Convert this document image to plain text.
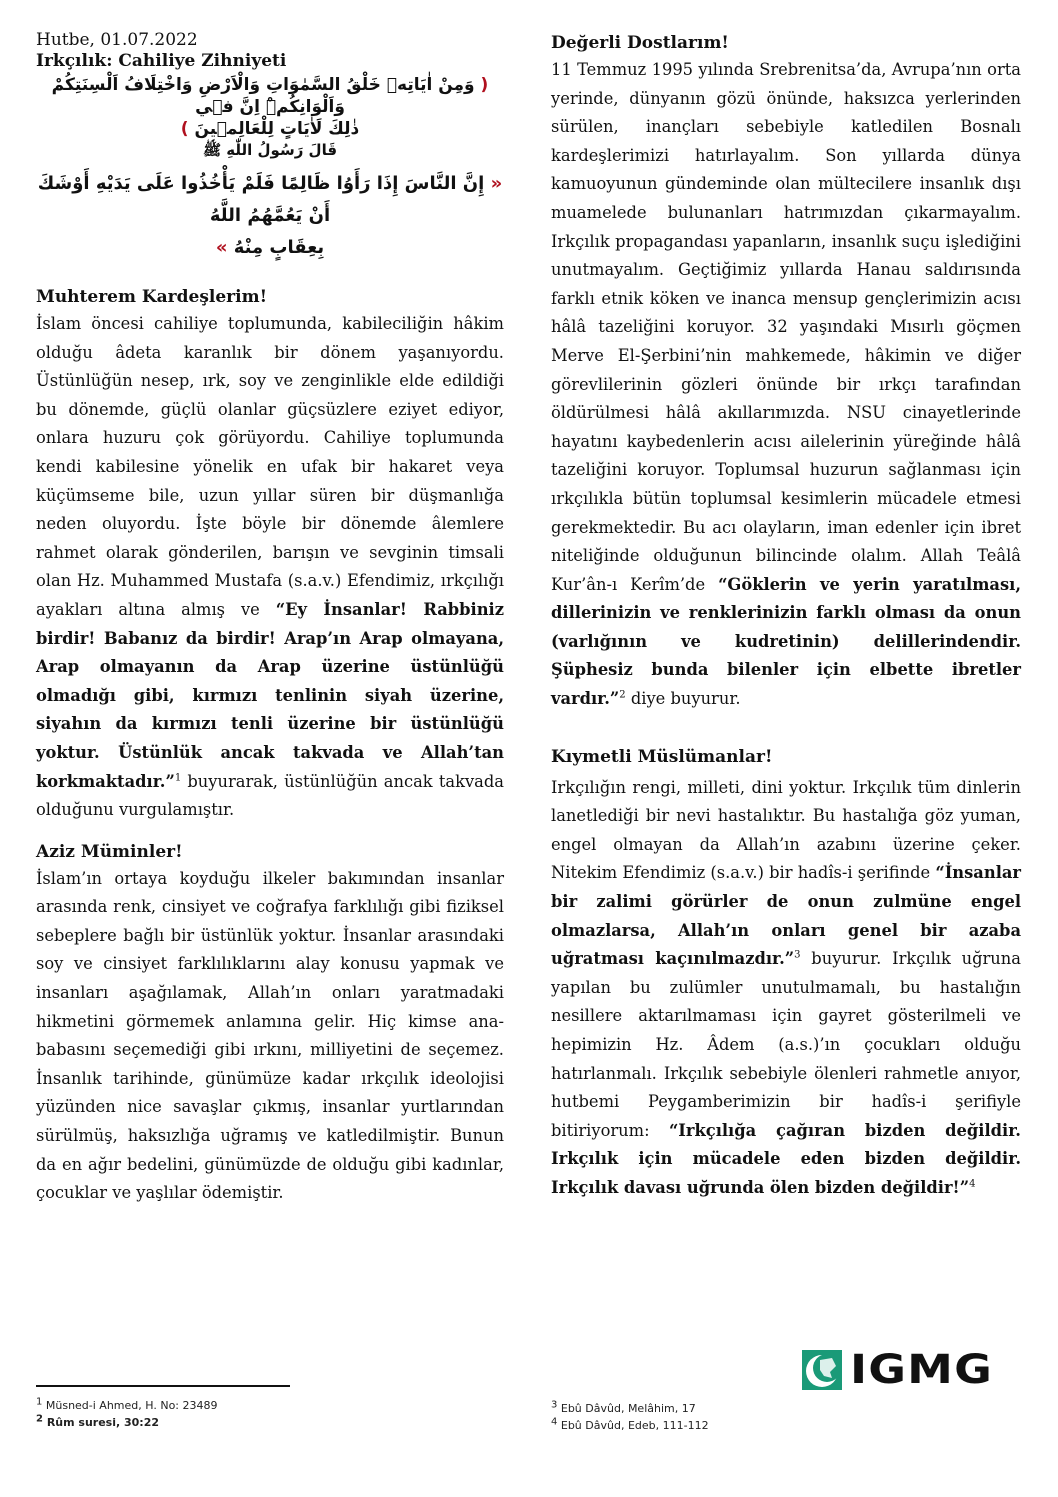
Hutbe, 01.07.2022
Irkçılık: Cahiliye Zihniyeti
( وَمِنْ اٰيَاتِه۪ خَلْقُ السَّمٰوَاتِ وَالْاَرْضِ وَاخْتِلَافُ اَلْسِنَتِكُمْ وَاَلْوَانِكُمْۜ اِنَّ ف۪ي
ذٰلِكَ لَاٰيَاتٍ لِلْعَالِم۪ينَ )
قَالَ رَسُولُ اللّٰهِ ﷺ
« إِنَّ النَّاسَ إِذَا رَأَوُا ظَالِمًا فَلَمْ يَأْخُذُوا عَلَى يَدَيْهِ أَوْشَكَ أَنْ يَعُمَّهُمُ اللَّهُ
بِعِقَابٍ مِنْهُ »
Muhterem Kardeşlerim!

İslam öncesi cahiliye toplumunda, kabileciliğin hâkim olduğu âdeta karanlık bir dönem yaşanıyordu. Üstünlüğün nesep, ırk, soy ve zenginlikle elde edildiği bu dönemde, güçlü olanlar güçsüzlere eziyet ediyor, onlara huzuru çok görüyordu. Cahiliye toplumunda kendi kabilesine yönelik en ufak bir hakaret veya küçümseme bile, uzun yıllar süren bir düşmanlığa neden oluyordu. İşte böyle bir dönemde âlemlere rahmet olarak gönderilen, barışın ve sevginin timsali olan Hz. Muhammed Mustafa (s.a.v.) Efendimiz, ırkçılığı ayakları altına almış ve “Ey İnsanlar! Rabbiniz birdir! Babanız da birdir! Arap’ın Arap olmayana, Arap olmayanın da Arap üzerine üstünlüğü olmadığı gibi, kırmızı tenlinin siyah üzerine, siyahın da kırmızı tenli üzerine bir üstünlüğü yoktur. Üstünlük ancak takvada ve Allah’tan korkmaktadır.”$^1$ buyurarak, üstünlüğün ancak takvada olduğunu vurgulamıştır.

Aziz Müminler!

İslam’ın ortaya koyduğu ilkeler bakımından insanlar arasında renk, cinsiyet ve coğrafya farklılığı gibi fiziksel sebeplere bağlı bir üstünlük yoktur. İnsanlar arasındaki soy ve cinsiyet farklılıklarını alay konusu yapmak ve insanları aşağılamak, Allah’ın onları yaratmadaki hikmetini görmemek anlamına gelir. Hiç kimse ana-babasını seçemediği gibi ırkını, milliyetini de seçemez. İnsanlık tarihinde, günümüze kadar ırkçılık ideolojisi yüzünden nice savaşlar çıkmış, insanlar yurtlarından sürülmüş, haksızlığa uğramış ve katledilmiştir. Bunun da en ağır bedelini, günümüzde de olduğu gibi kadınlar, çocuklar ve yaşlılar ödemiştir.

Değerli Dostlarım!

11 Temmuz 1995 yılında Srebrenitsa’da, Avrupa’nın orta yerinde, dünyanın gözü önünde, haksızca yerlerinden sürülen, inançları sebebiyle katledilen Bosnalı kardeşlerimizi hatırlayalım. Son yıllarda dünya kamuoyunun gündeminde olan mültecilere insanlık dışı muamelede bulunanları hatrımızdan çıkarmayalım. Irkçılık propagandası yapanların, insanlık suçu işlediğini unutmayalım. Geçtiğimiz yıllarda Hanau saldırısında farklı etnik köken ve inanca mensup gençlerimizin acısı hâlâ tazeliğini koruyor. 32 yaşındaki Mısırlı göçmen Merve El-Şerbini’nin mahkemede, hâkimin ve diğer görevlilerinin gözleri önünde bir ırkçı tarafından öldürülmesi hâlâ akıllarımızda. NSU cinayetlerinde hayatını kaybedenlerin acısı ailelerinin yüreğinde hâlâ tazeliğini koruyor. Toplumsal huzurun sağlanması için ırkçılıkla bütün toplumsal kesimlerin mücadele etmesi gerekmektedir. Bu acı olayların, iman edenler için ibret niteliğinde olduğunun bilincinde olalım. Allah Teâlâ Kur’ân-ı Kerîm’de “Göklerin ve yerin yaratılması, dillerinizin ve renklerinizin farklı olması da onun (varlığının ve kudretinin) delillerindendir. Şüphesiz bunda bilenler için elbette ibretler vardır.”$^2$ diye buyurur.

Kıymetli Müslümanlar!

Irkçılığın rengi, milleti, dini yoktur. Irkçılık tüm dinlerin lanetlediği bir nevi hastalıktır. Bu hastalığa göz yuman, engel olmayan da Allah’ın azabını üzerine çeker. Nitekim Efendimiz (s.a.v.) bir hadîs-i şerifinde “İnsanlar bir zalimi görürler de onun zulmüne engel olmazlarsa, Allah’ın onları genel bir azaba uğratması kaçınılmazdır.”$^3$ buyurur. Irkçılık uğruna yapılan bu zulümler unutulmamalı, bu hastalığın nesillere aktarılmaması için gayret gösterilmeli ve hepimizin Hz. Âdem (a.s.)’ın çocukları olduğu hatırlanmalı. Irkçılık sebebiyle ölenleri rahmetle anıyor, hutbemi Peygamberimizin bir hadîs-i şerifiyle bitiriyorum: “Irkçılığa çağıran bizden değildir. Irkçılık için mücadele eden bizden değildir. Irkçılık davası uğrunda ölen bizden değildir!”$^4$

IGMG
$^1$ Müsned-i Ahmed, H. No: 23489
$^2$ Rûm suresi, 30:22
$^3$ Ebû Dâvûd, Melâhim, 17
$^4$ Ebû Dâvûd, Edeb, 111-112
